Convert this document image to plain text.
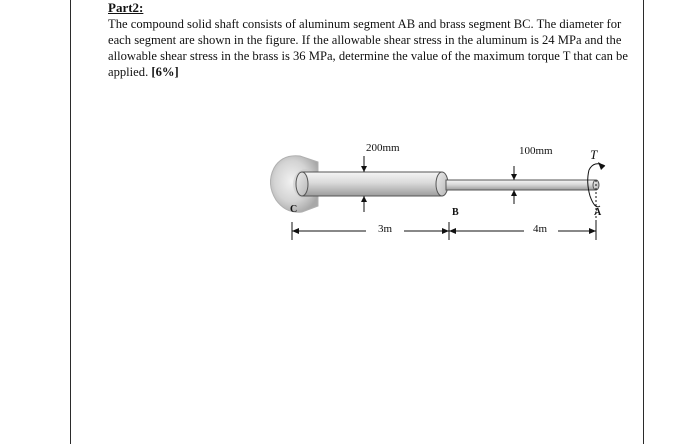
Part2:
The compound solid shaft consists of aluminum segment AB and brass segment BC. The diameter for each segment are shown in the figure. If the allowable shear stress in the aluminum is 24 MPa and the allowable shear stress in the brass is 36 MPa, determine the value of the maximum torque T that can be applied. [6%]
200mm	100mm	T
C	B	A
3m	4m
